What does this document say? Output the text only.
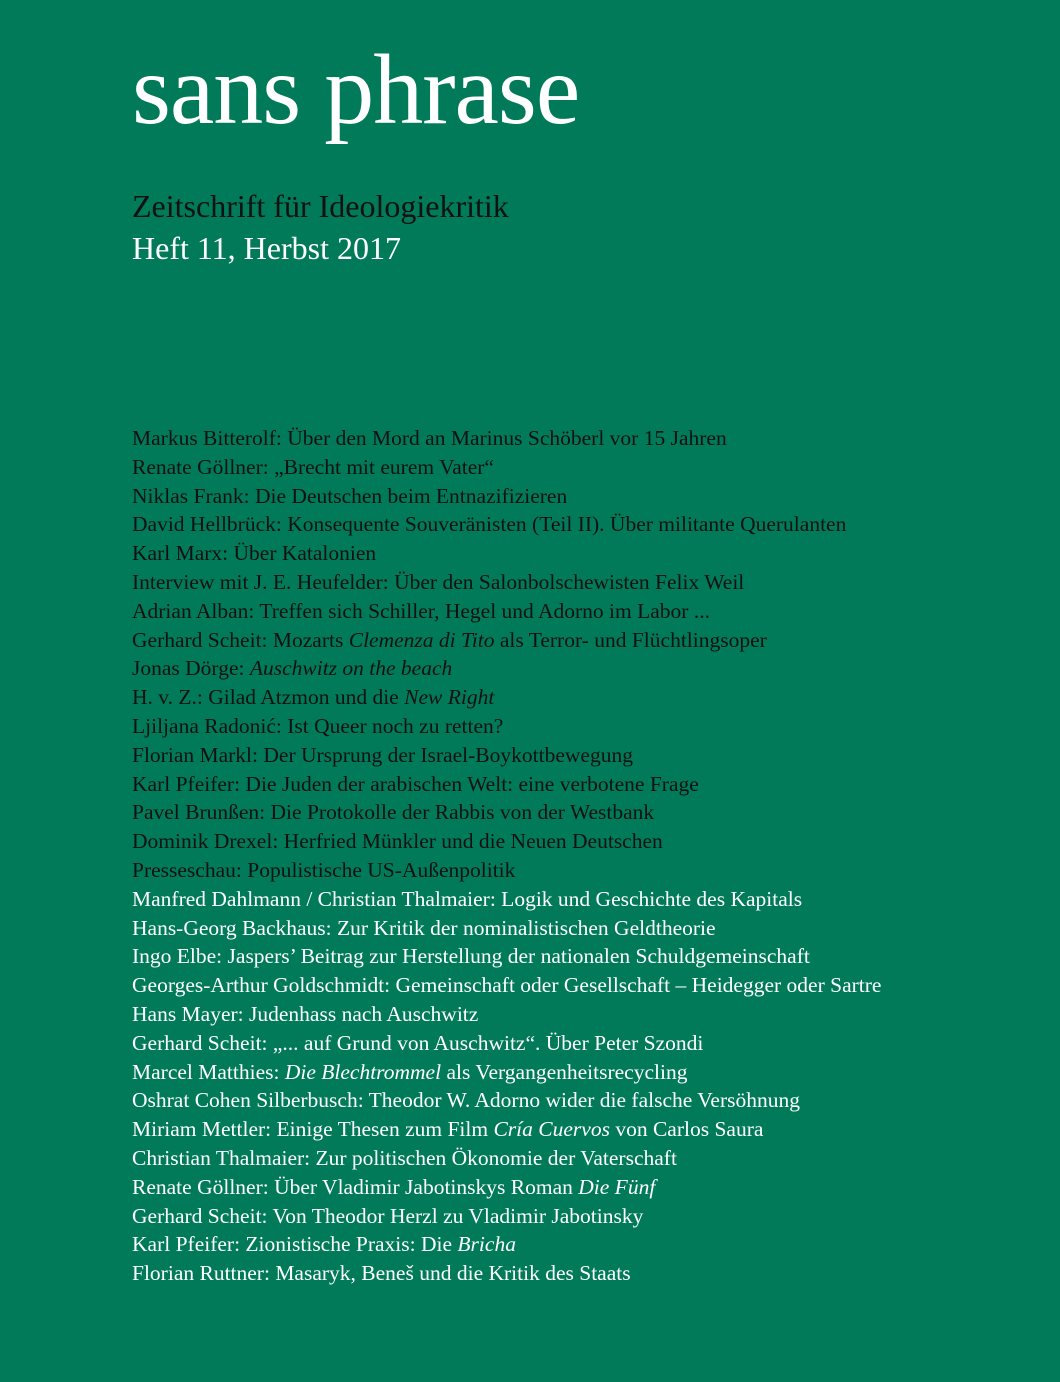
sans phrase

Zeitschrift für Ideologiekritik

Heft 11, Herbst 2017

Markus Bitterolf: Über den Mord an Marinus Schöberl vor 15 Jahren
Renate Göllner: „Brecht mit eurem Vater“
Niklas Frank: Die Deutschen beim Entnazifizieren
David Hellbrück: Konsequente Souveränisten (Teil II). Über militante Querulanten
Karl Marx: Über Katalonien
Interview mit J. E. Heufelder: Über den Salonbolschewisten Felix Weil
Adrian Alban: Treffen sich Schiller, Hegel und Adorno im Labor ...
Gerhard Scheit: Mozarts Clemenza di Tito als Terror- und Flüchtlingsoper
Jonas Dörge: Auschwitz on the beach
H. v. Z.: Gilad Atzmon und die New Right
Ljiljana Radonić: Ist Queer noch zu retten?
Florian Markl: Der Ursprung der Israel-Boykottbewegung
Karl Pfeifer: Die Juden der arabischen Welt: eine verbotene Frage
Pavel Brunßen: Die Protokolle der Rabbis von der Westbank
Dominik Drexel: Herfried Münkler und die Neuen Deutschen
Presseschau: Populistische US-Außenpolitik
Manfred Dahlmann / Christian Thalmaier: Logik und Geschichte des Kapitals
Hans-Georg Backhaus: Zur Kritik der nominalistischen Geldtheorie
Ingo Elbe: Jaspers’ Beitrag zur Herstellung der nationalen Schuldgemeinschaft
Georges-Arthur Goldschmidt: Gemeinschaft oder Gesellschaft – Heidegger oder Sartre
Hans Mayer: Judenhass nach Auschwitz
Gerhard Scheit: „... auf Grund von Auschwitz“. Über Peter Szondi
Marcel Matthies: Die Blechtrommel als Vergangenheitsrecycling
Oshrat Cohen Silberbusch: Theodor W. Adorno wider die falsche Versöhnung
Miriam Mettler: Einige Thesen zum Film Cría Cuervos von Carlos Saura
Christian Thalmaier: Zur politischen Ökonomie der Vaterschaft
Renate Göllner: Über Vladimir Jabotinskys Roman Die Fünf
Gerhard Scheit: Von Theodor Herzl zu Vladimir Jabotinsky
Karl Pfeifer: Zionistische Praxis: Die Bricha
Florian Ruttner: Masaryk, Beneš und die Kritik des Staats
